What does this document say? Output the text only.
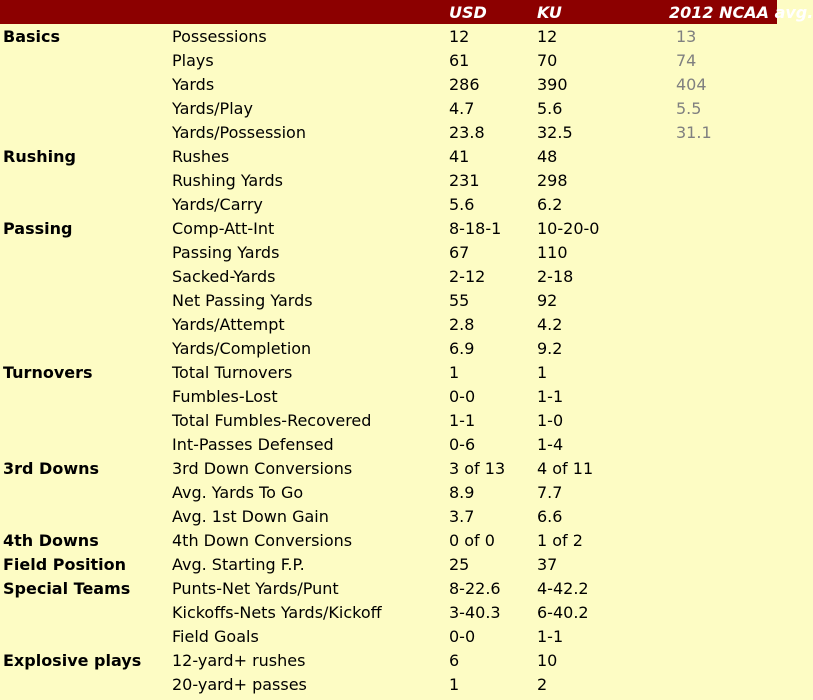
		USD	KU	2012 NCAA avg.
Basics	Possessions	12	12	13
	Plays	61	70	74
	Yards	286	390	404
	Yards/Play	4.7	5.6	5.5
	Yards/Possession	23.8	32.5	31.1
Rushing	Rushes	41	48	
	Rushing Yards	231	298	
	Yards/Carry	5.6	6.2	
Passing	Comp-Att-Int	8-18-1	10-20-0	
	Passing Yards	67	110	
	Sacked-Yards	2-12	2-18	
	Net Passing Yards	55	92	
	Yards/Attempt	2.8	4.2	
	Yards/Completion	6.9	9.2	
Turnovers	Total Turnovers	1	1	
	Fumbles-Lost	0-0	1-1	
	Total Fumbles-Recovered	1-1	1-0	
	Int-Passes Defensed	0-6	1-4	
3rd Downs	3rd Down Conversions	3 of 13	4 of 11	
	Avg. Yards To Go	8.9	7.7	
	Avg. 1st Down Gain	3.7	6.6	
4th Downs	4th Down Conversions	0 of 0	1 of 2	
Field Position	Avg. Starting F.P.	25	37	
Special Teams	Punts-Net Yards/Punt	8-22.6	4-42.2	
	Kickoffs-Nets Yards/Kickoff	3-40.3	6-40.2	
	Field Goals	0-0	1-1	
Explosive plays	12-yard+ rushes	6	10	
	20-yard+ passes	1	2	
